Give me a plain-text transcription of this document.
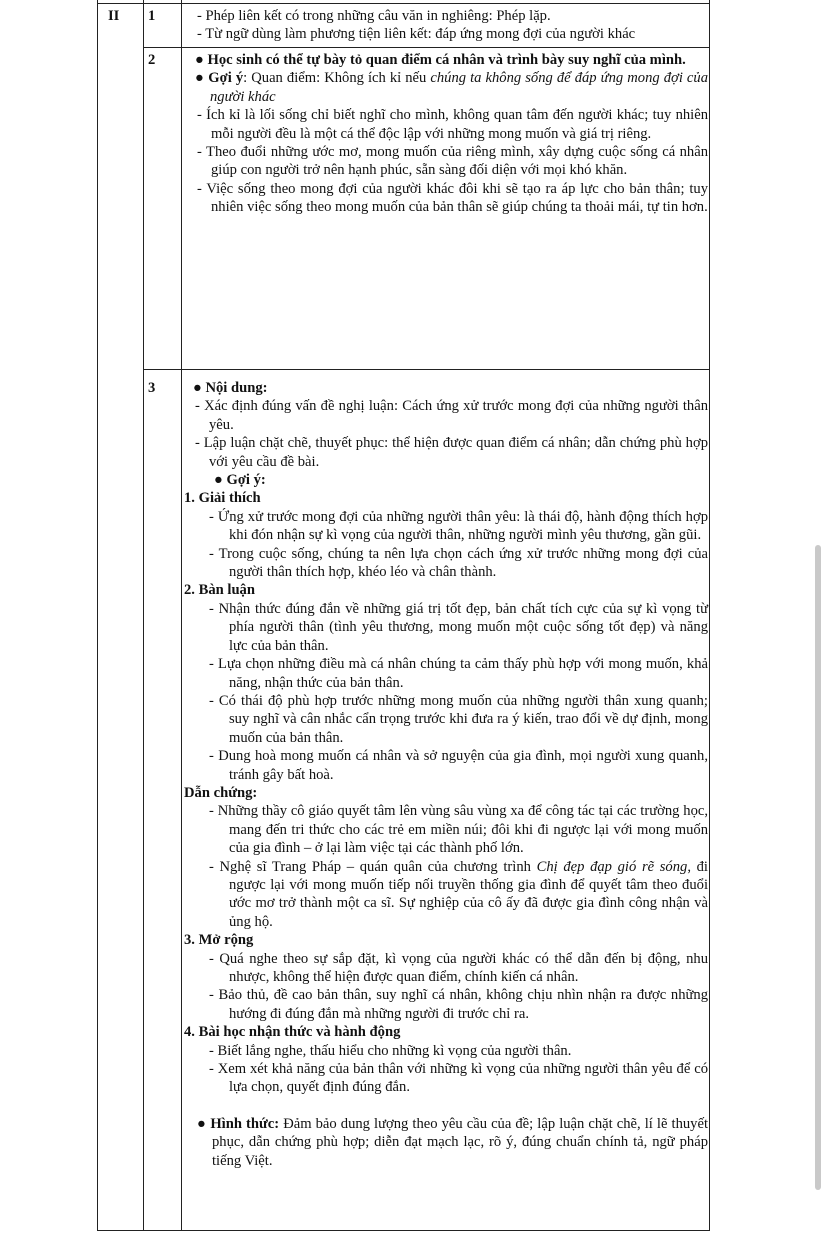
II 1	- Phép liên kết có trong những câu văn in nghiêng: Phép lặp.

- Từ ngữ dùng làm phương tiện liên kết: đáp ứng mong đợi của người khác

2	● Học sinh có thể tự bày tỏ quan điểm cá nhân và trình bày suy nghĩ của mình.

● Gợi ý: Quan điểm: Không ích kỉ nếu chúng ta không sống để đáp ứng mong đợi của người khác

- Ích kỉ là lối sống chỉ biết nghĩ cho mình, không quan tâm đến người khác; tuy nhiên mỗi người đều là một cá thể độc lập với những mong muốn và giá trị riêng.

- Theo đuổi những ước mơ, mong muốn của riêng mình, xây dựng cuộc sống cá nhân giúp con người trở nên hạnh phúc, sẵn sàng đối diện với mọi khó khăn.

- Việc sống theo mong đợi của người khác đôi khi sẽ tạo ra áp lực cho bản thân; tuy nhiên việc sống theo mong muốn của bản thân sẽ giúp chúng ta thoải mái, tự tin hơn.

3	● Nội dung:

- Xác định đúng vấn đề nghị luận: Cách ứng xử trước mong đợi của những người thân yêu.

- Lập luận chặt chẽ, thuyết phục: thể hiện được quan điểm cá nhân; dẫn chứng phù hợp với yêu cầu đề bài.

● Gợi ý:

1. Giải thích

- Ứng xử trước mong đợi của những người thân yêu: là thái độ, hành động thích hợp khi đón nhận sự kì vọng của người thân, những người mình yêu thương, gần gũi.

- Trong cuộc sống, chúng ta nên lựa chọn cách ứng xử trước những mong đợi của người thân thích hợp, khéo léo và chân thành.

2. Bàn luận

- Nhận thức đúng đắn về những giá trị tốt đẹp, bản chất tích cực của sự kì vọng từ phía người thân (tình yêu thương, mong muốn một cuộc sống tốt đẹp) và năng lực của bản thân.

- Lựa chọn những điều mà cá nhân chúng ta cảm thấy phù hợp với mong muốn, khả năng, nhận thức của bản thân.

- Có thái độ phù hợp trước những mong muốn của những người thân xung quanh; suy nghĩ và cân nhắc cẩn trọng trước khi đưa ra ý kiến, trao đổi về dự định, mong muốn của bản thân.

- Dung hoà mong muốn cá nhân và sở nguyện của gia đình, mọi người xung quanh, tránh gây bất hoà.

Dẫn chứng:

- Những thầy cô giáo quyết tâm lên vùng sâu vùng xa để công tác tại các trường học, mang đến tri thức cho các trẻ em miền núi; đôi khi đi ngược lại với mong muốn của gia đình – ở lại làm việc tại các thành phố lớn.

- Nghệ sĩ Trang Pháp – quán quân của chương trình Chị đẹp đạp gió rẽ sóng, đi ngược lại với mong muốn tiếp nối truyền thống gia đình để quyết tâm theo đuổi ước mơ trở thành một ca sĩ. Sự nghiệp của cô ấy đã được gia đình công nhận và ủng hộ.

3. Mở rộng

- Quá nghe theo sự sắp đặt, kì vọng của người khác có thể dẫn đến bị động, nhu nhược, không thể hiện được quan điểm, chính kiến cá nhân.

- Bảo thủ, đề cao bản thân, suy nghĩ cá nhân, không chịu nhìn nhận ra được những hướng đi đúng đắn mà những người đi trước chỉ ra.

4. Bài học nhận thức và hành động

- Biết lắng nghe, thấu hiểu cho những kì vọng của người thân.

- Xem xét khả năng của bản thân với những kì vọng của những người thân yêu để có lựa chọn, quyết định đúng đắn.

● Hình thức: Đảm bảo dung lượng theo yêu cầu của đề; lập luận chặt chẽ, lí lẽ thuyết phục, dẫn chứng phù hợp; diễn đạt mạch lạc, rõ ý, đúng chuẩn chính tả, ngữ pháp tiếng Việt.
